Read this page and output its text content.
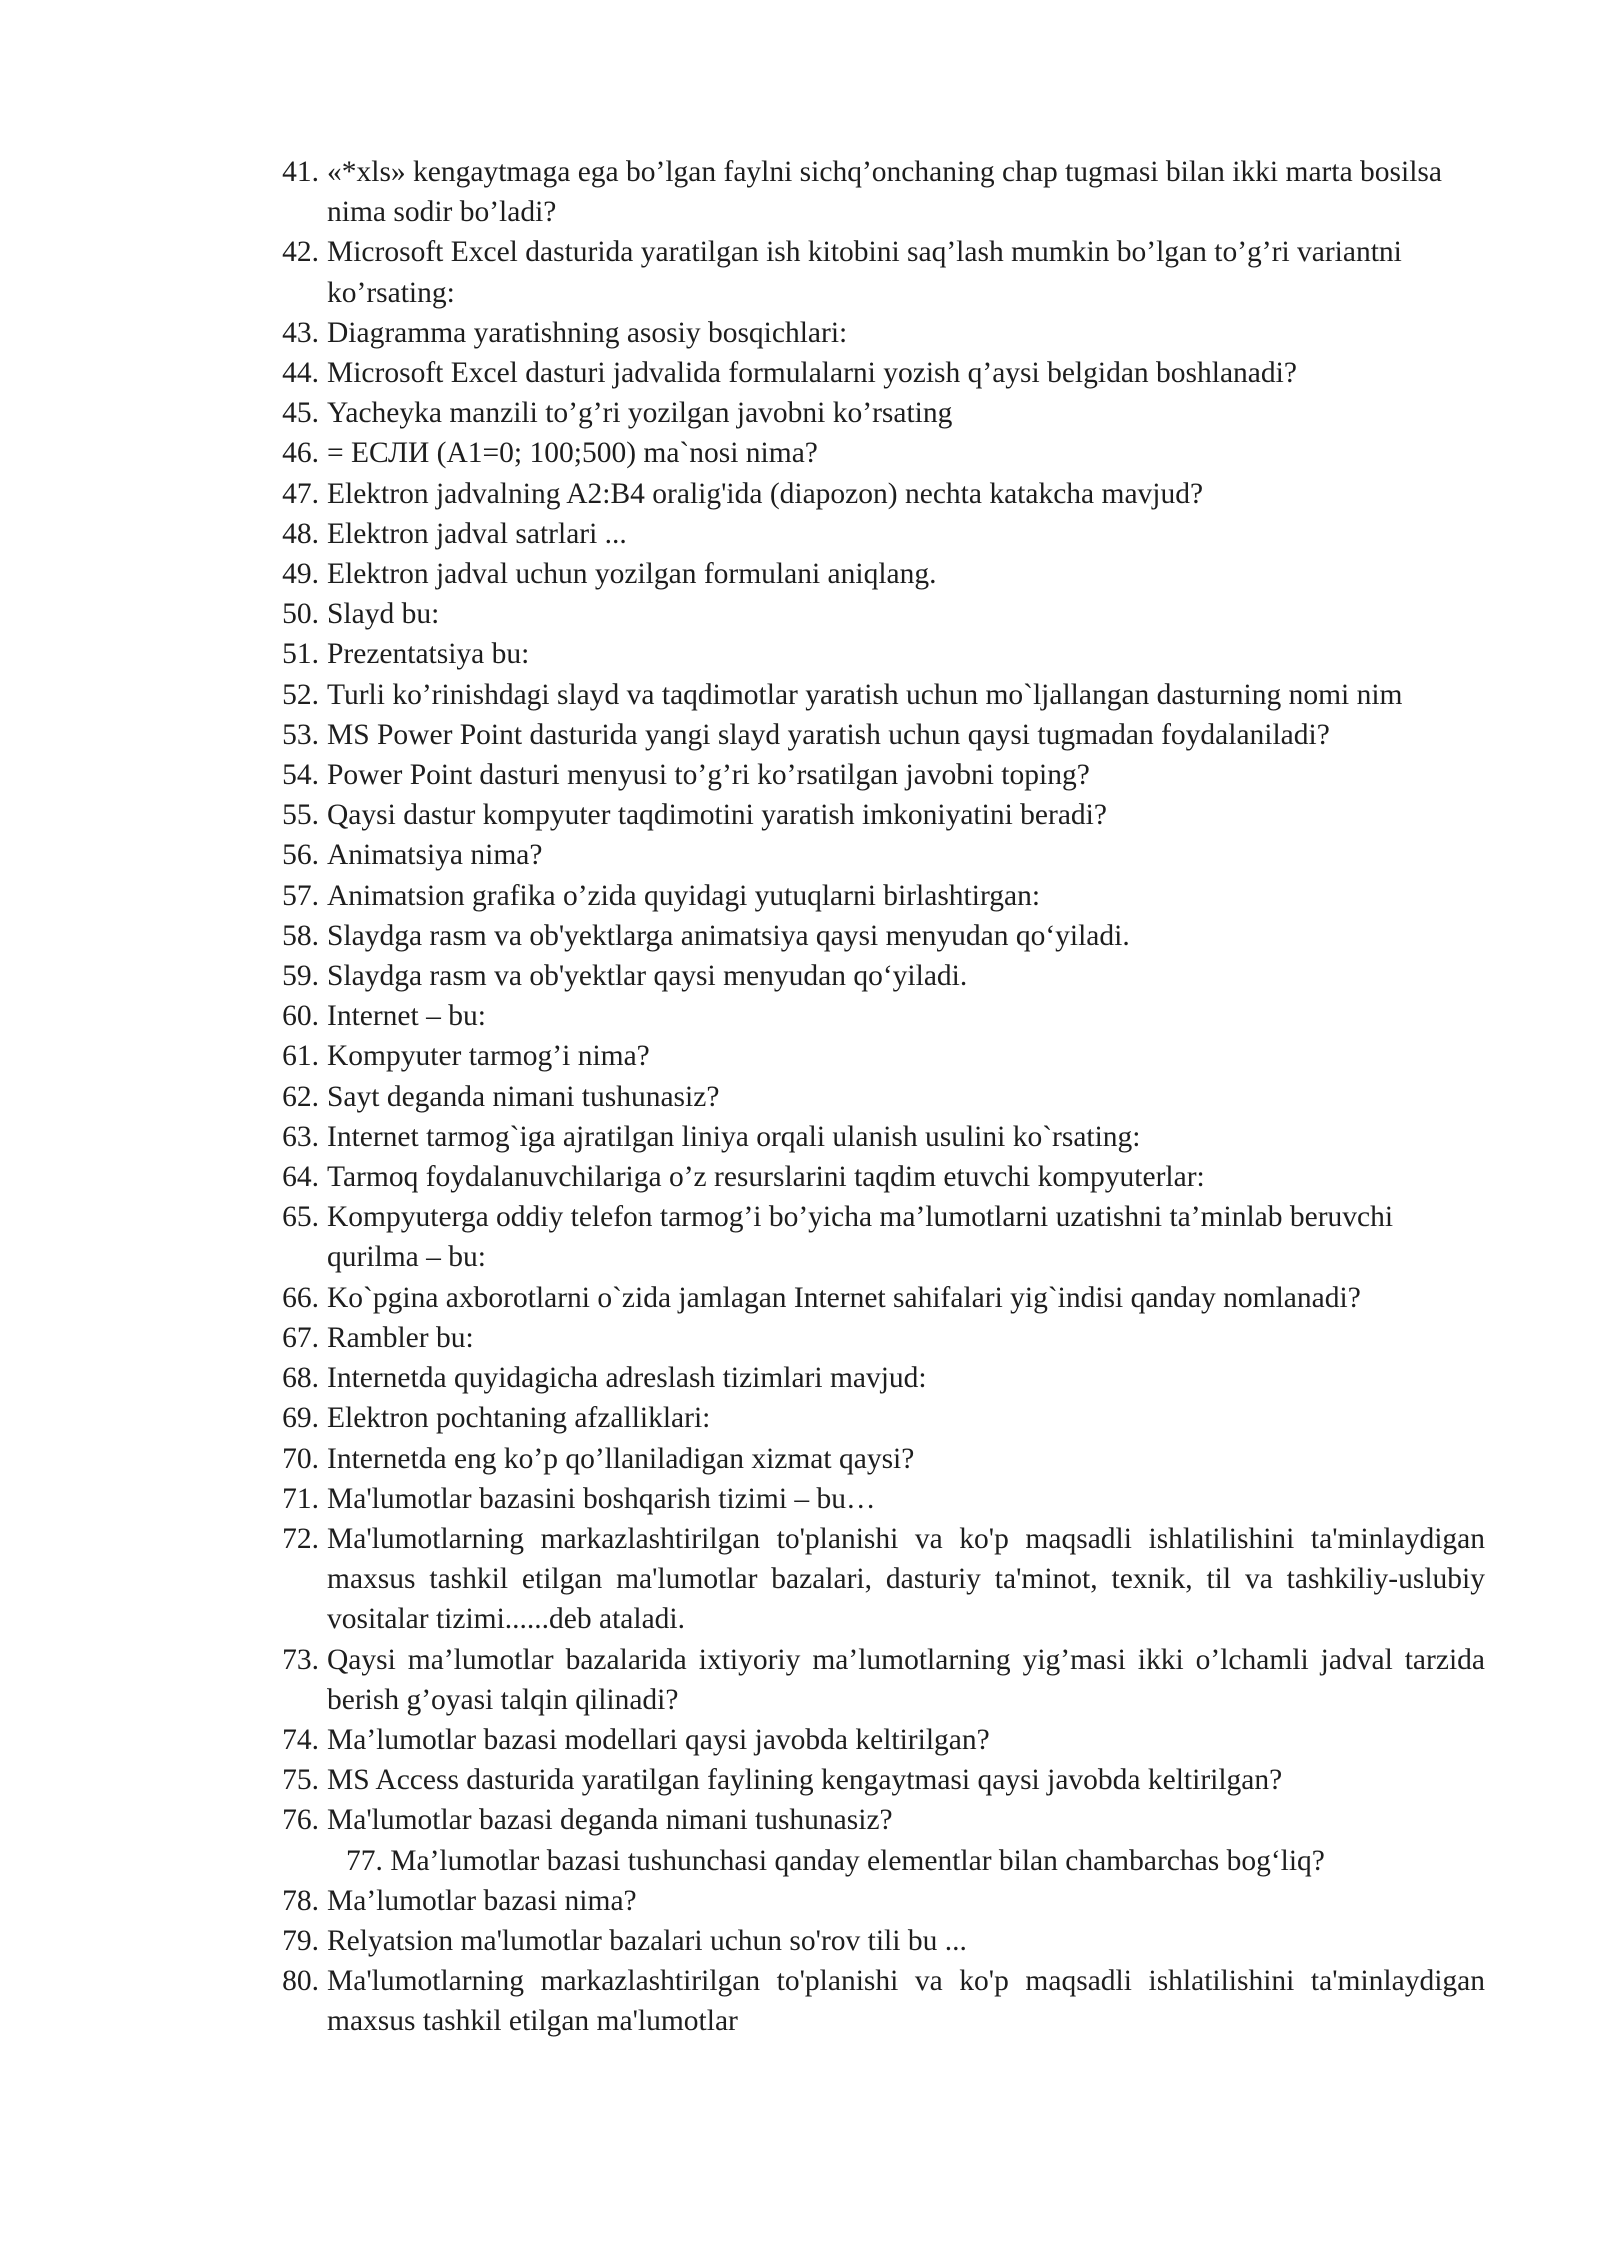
41. «*xls» kengaytmaga ega bo’lgan faylni sichq’onchaning chap tugmasi bilan ikki marta bosilsa nima sodir bo’ladi?
42. Microsoft Excel dasturida yaratilgan ish kitobini saq’lash mumkin bo’lgan to’g’ri variantni ko’rsating:
43. Diagramma yaratishning asosiy bosqichlari:
44. Microsoft Excel dasturi jadvalida formulalarni yozish q’aysi belgidan boshlanadi?
45. Yacheyka manzili to’g’ri yozilgan javobni ko’rsating
46. = ЕСЛИ (А1=0; 100;500) ma`nosi nima?
47. Elektron jadvalning A2:B4 oralig'ida (diapozon) nechta katakcha mavjud?
48. Elektron jadval satrlari ...
49. Elektron jadval uchun yozilgan formulani aniqlang.
50. Slayd bu:
51. Prezentatsiya bu:
52. Turli ko’rinishdagi slayd va taqdimotlar yaratish uchun mo`ljallangan dasturning nomi nim
53. MS Power Point dasturida yangi slayd yaratish uchun qaysi tugmadan foydalaniladi?
54. Power Point dasturi menyusi to’g’ri ko’rsatilgan javobni toping?
55. Qaysi dastur kompyuter taqdimotini yaratish imkoniyatini beradi?
56. Animatsiya nima?
57. Animatsion grafika o’zida quyidagi yutuqlarni birlashtirgan:
58. Slaydga rasm va ob'yektlarga animatsiya qaysi menyudan qo‘yiladi.
59. Slaydga rasm va ob'yektlar qaysi menyudan qo‘yiladi.
60. Internet – bu:
61. Kompyuter tarmog’i nima?
62. Sayt deganda nimani tushunasiz?
63. Internet tarmog`iga ajratilgan liniya orqali ulanish usulini ko`rsating:
64. Tarmoq foydalanuvchilariga o’z resurslarini taqdim etuvchi kompyuterlar:
65. Kompyuterga oddiy telefon tarmog’i bo’yicha ma’lumotlarni uzatishni ta’minlab beruvchi qurilma – bu:
66. Ko`pgina axborotlarni o`zida jamlagan Internet sahifalari yig`indisi qanday nomlanadi?
67. Rambler bu:
68. Internetda quyidagicha adreslash tizimlari mavjud:
69. Elektron pochtaning afzalliklari:
70. Internetda eng ko’p qo’llaniladigan xizmat qaysi?
71. Ma'lumotlar bazasini boshqarish tizimi – bu…
72. Ma'lumotlarning markazlashtirilgan to'planishi va ko'p maqsadli ishlatilishini ta'minlaydigan maxsus tashkil etilgan ma'lumotlar bazalari, dasturiy ta'minot, texnik, til va tashkiliy-uslubiy vositalar tizimi......deb ataladi.
73. Qaysi ma’lumotlar bazalarida ixtiyoriy ma’lumotlarning yig’masi ikki o’lchamli jadval tarzida berish g’oyasi talqin qilinadi?
74. Ma’lumotlar bazasi modellari qaysi javobda keltirilgan?
75. MS Access dasturida yaratilgan faylining kengaytmasi qaysi javobda keltirilgan?
76. Ma'lumotlar bazasi deganda nimani tushunasiz?
77. Ma’lumotlar bazasi tushunchasi qanday elementlar bilan chambarchas bog‘liq?
78. Ma’lumotlar bazasi nima?
79. Relyatsion ma'lumotlar bazalari uchun so'rov tili bu ...
80. Ma'lumotlarning markazlashtirilgan to'planishi va ko'p maqsadli ishlatilishini ta'minlaydigan maxsus tashkil etilgan ma'lumotlar
